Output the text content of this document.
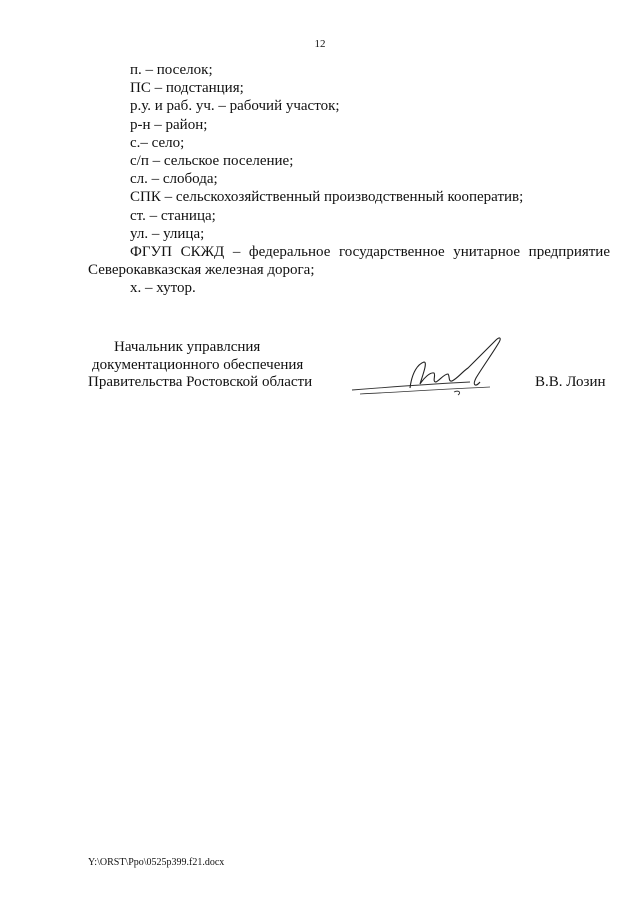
12

п. – поселок;

ПС – подстанция;

р.у. и раб. уч. – рабочий участок;

р-н – район;

с.– село;

с/п – сельское поселение;

сл. – слобода;

СПК – сельскохозяйственный производственный кооператив;

ст. – станица;

ул. – улица;

ФГУП СКЖД – федеральное государственное унитарное предприятие

Северокавказская железная дорога;

х. – хутор.

Начальник управлсния
документационного обеспечения
Правительства Ростовской области	В.В. Лозин
Y:\ORST\Ppo\0525p399.f21.docx
